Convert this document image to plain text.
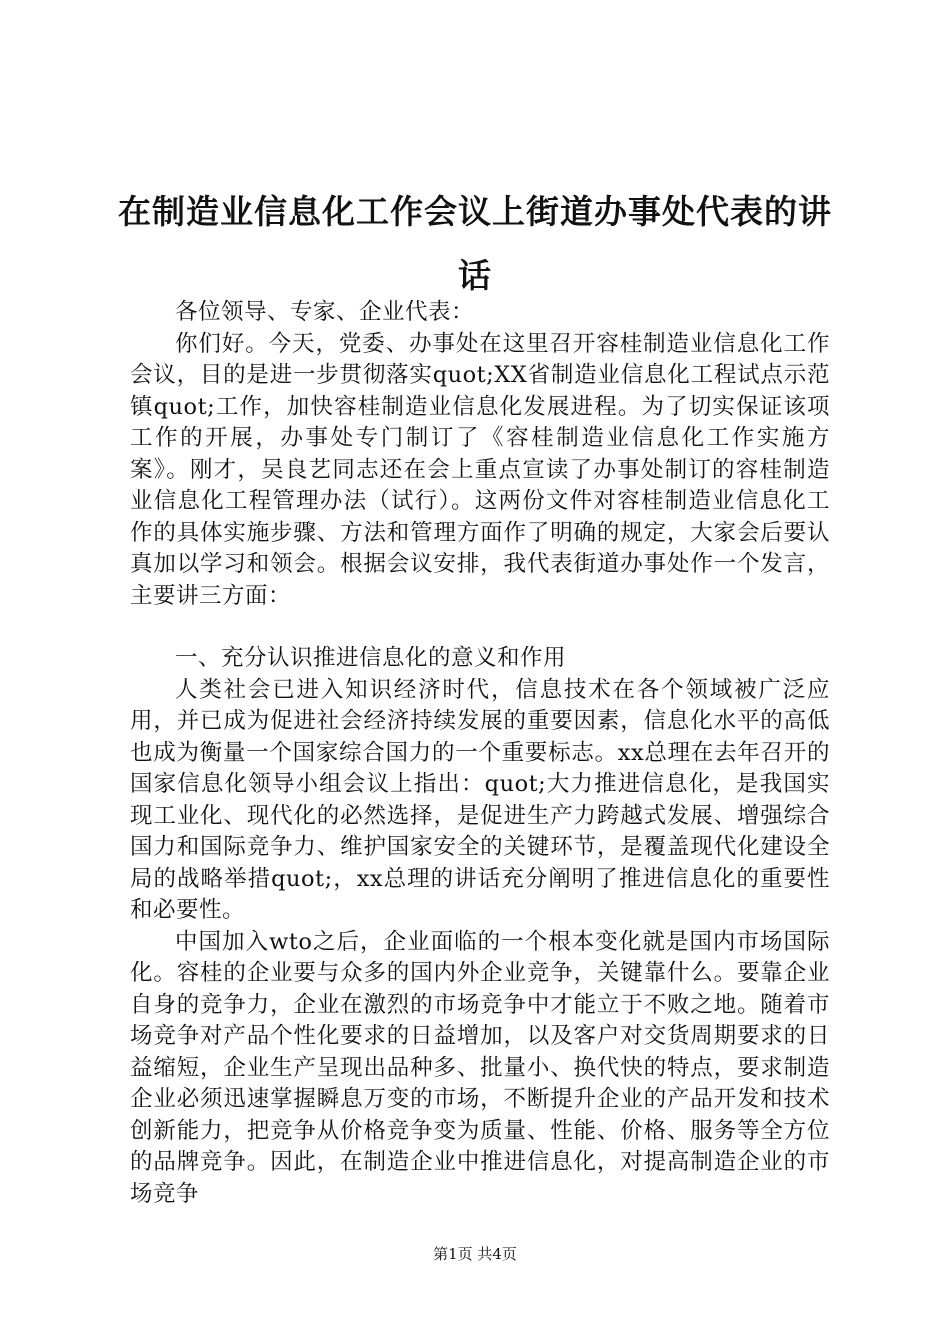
在制造业信息化工作会议上街道办事处代表的讲话

各位领导、专家、企业代表：

你们好。今天，党委、办事处在这里召开容桂制造业信息化工作会议，目的是进一步贯彻落实quot;XX省制造业信息化工程试点示范镇quot;工作，加快容桂制造业信息化发展进程。为了切实保证该项工作的开展，办事处专门制订了《容桂制造业信息化工作实施方案》。刚才，吴良艺同志还在会上重点宣读了办事处制订的容桂制造业信息化工程管理办法（试行）。这两份文件对容桂制造业信息化工作的具体实施步骤、方法和管理方面作了明确的规定，大家会后要认真加以学习和领会。根据会议安排，我代表街道办事处作一个发言，主要讲三方面：

一、充分认识推进信息化的意义和作用

人类社会已进入知识经济时代，信息技术在各个领域被广泛应用，并已成为促进社会经济持续发展的重要因素，信息化水平的高低也成为衡量一个国家综合国力的一个重要标志。xx总理在去年召开的国家信息化领导小组会议上指出：quot;大力推进信息化，是我国实现工业化、现代化的必然选择，是促进生产力跨越式发展、增强综合国力和国际竞争力、维护国家安全的关键环节，是覆盖现代化建设全局的战略举措quot;，xx总理的讲话充分阐明了推进信息化的重要性和必要性。

中国加入wto之后，企业面临的一个根本变化就是国内市场国际化。容桂的企业要与众多的国内外企业竞争，关键靠什么。要靠企业自身的竞争力，企业在激烈的市场竞争中才能立于不败之地。随着市场竞争对产品个性化要求的日益增加，以及客户对交货周期要求的日益缩短，企业生产呈现出品种多、批量小、换代快的特点，要求制造企业必须迅速掌握瞬息万变的市场，不断提升企业的产品开发和技术创新能力，把竞争从价格竞争变为质量、性能、价格、服务等全方位的品牌竞争。因此，在制造企业中推进信息化，对提高制造企业的市场竞争

第1页 共4页
